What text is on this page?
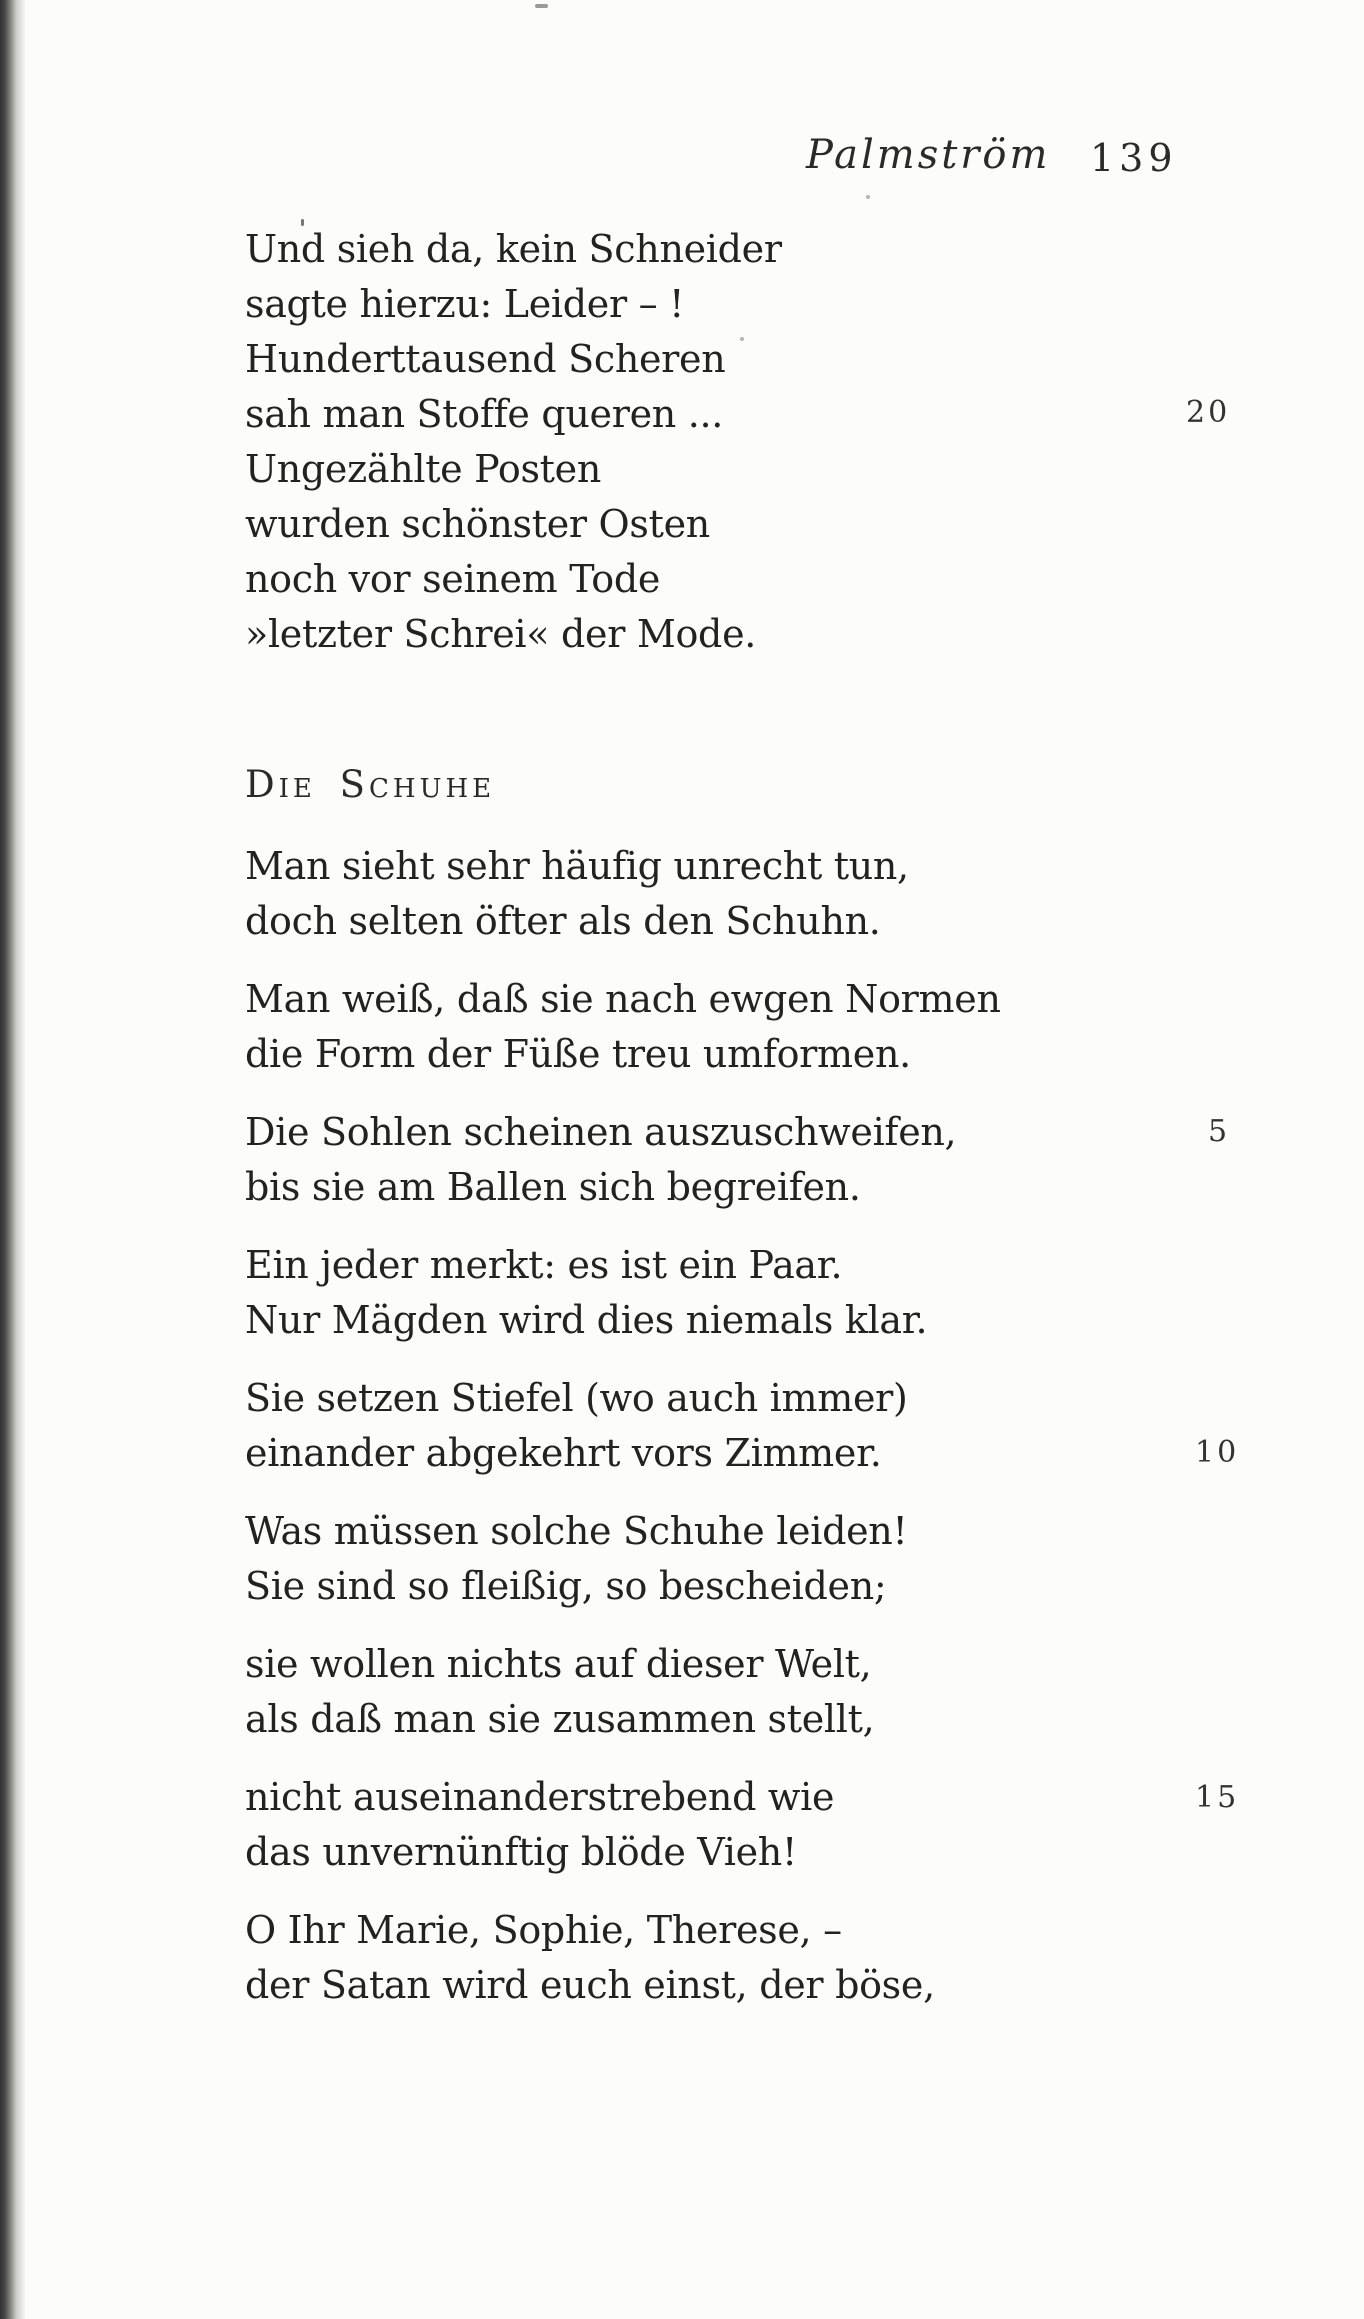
Palmström 139

Und sieh da, kein Schneider

sagte hierzu: Leider – !

Hunderttausend Scheren

sah man Stoffe queren ...

Ungezählte Posten

wurden schönster Osten

noch vor seinem Tode

»letzter Schrei« der Mode.

20
Die Schuhe

Man sieht sehr häufig unrecht tun,

doch selten öfter als den Schuhn.

Man weiß, daß sie nach ewgen Normen

die Form der Füße treu umformen.

Die Sohlen scheinen auszuschweifen,

bis sie am Ballen sich begreifen.

Ein jeder merkt: es ist ein Paar.

Nur Mägden wird dies niemals klar.

Sie setzen Stiefel (wo auch immer)

einander abgekehrt vors Zimmer.

Was müssen solche Schuhe leiden!

Sie sind so fleißig, so bescheiden;

sie wollen nichts auf dieser Welt,

als daß man sie zusammen stellt,

nicht auseinanderstrebend wie

das unvernünftig blöde Vieh!

O Ihr Marie, Sophie, Therese, –

der Satan wird euch einst, der böse,

5
10
15
